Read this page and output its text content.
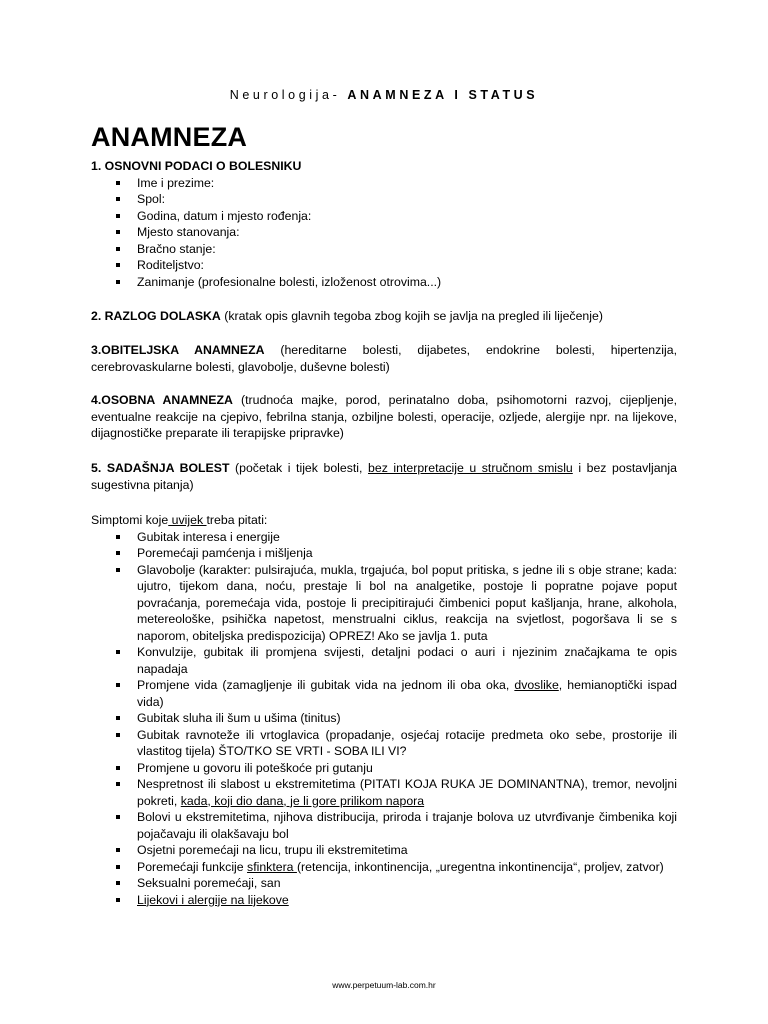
Neurologija- ANAMNEZA I STATUS
ANAMNEZA
1. OSNOVNI PODACI O BOLESNIKU
Ime i prezime:
Spol:
Godina, datum i mjesto rođenja:
Mjesto stanovanja:
Bračno stanje:
Roditeljstvo:
Zanimanje (profesionalne bolesti, izloženost otrovima...)
2. RAZLOG DOLASKA (kratak opis glavnih tegoba zbog kojih se javlja na pregled ili liječenje)
3.OBITELJSKA ANAMNEZA (hereditarne bolesti, dijabetes, endokrine bolesti, hipertenzija, cerebrovaskularne bolesti, glavobolje, duševne bolesti)
4.OSOBNA ANAMNEZA (trudnoća majke, porod, perinatalno doba, psihomotorni razvoj, cijepljenje, eventualne reakcije na cjepivo, febrilna stanja, ozbiljne bolesti, operacije, ozljede, alergije npr. na lijekove, dijagnostičke preparate ili terapijske pripravke)
5. SADAŠNJA BOLEST (početak i tijek bolesti, bez interpretacije u stručnom smislu i bez postavljanja sugestivna pitanja)
Simptomi koje uvijek treba pitati:
Gubitak interesa i energije
Poremećaji pamćenja i mišljenja
Glavobolje (karakter: pulsirajuća, mukla, trgajuća, bol poput pritiska, s jedne ili s obje strane; kada: ujutro, tijekom dana, noću, prestaje li bol na analgetike, postoje li popratne pojave poput povraćanja, poremećaja vida, postoje li precipitirajući čimbenici poput kašljanja, hrane, alkohola, metereološke, psihička napetost, menstrualni ciklus, reakcija na svjetlost, pogoršava li se s naporom, obiteljska predispozicija) OPREZ! Ako se javlja 1. puta
Konvulzije, gubitak ili promjena svijesti, detaljni podaci o auri i njezinim značajkama te opis napadaja
Promjene vida (zamagljenje ili gubitak vida na jednom ili oba oka, dvoslike, hemianoptički ispad vida)
Gubitak sluha ili šum u ušima (tinitus)
Gubitak ravnoteže ili vrtoglavica (propadanje, osjećaj rotacije predmeta oko sebe, prostorije ili vlastitog tijela) ŠTO/TKO SE VRTI - SOBA ILI VI?
Promjene u govoru ili poteškoće pri gutanju
Nespretnost ili slabost u ekstremitetima (PITATI KOJA RUKA JE DOMINANTNA), tremor, nevoljni pokreti, kada, koji dio dana, je li gore prilikom napora
Bolovi u ekstremitetima, njihova distribucija, priroda i trajanje bolova uz utvrđivanje čimbenika koji pojačavaju ili olakšavaju bol
Osjetni poremećaji na licu, trupu ili ekstremitetima
Poremećaji funkcije sfinktera (retencija, inkontinencija, „uregentna inkontinencija“, proljev, zatvor)
Seksualni poremećaji, san
Lijekovi i alergije na lijekove
www.perpetuum-lab.com.hr
